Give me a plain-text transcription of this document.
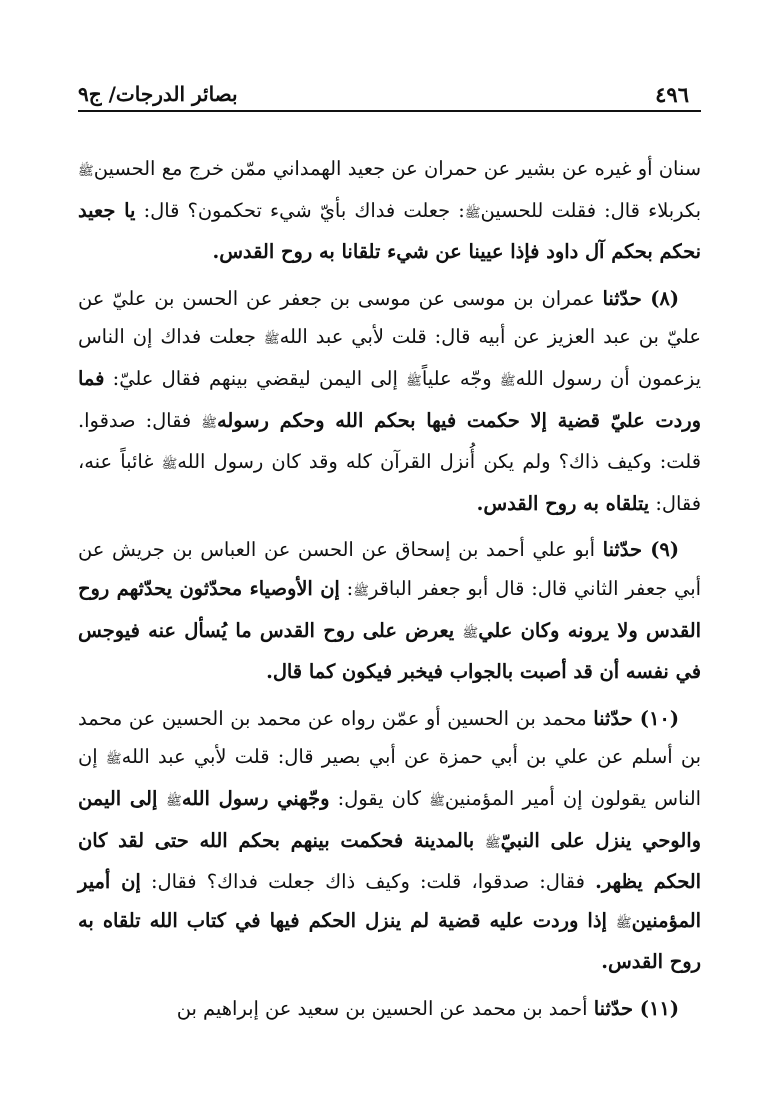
٤٩٦
بصائر الدرجات/ ج٩

سنان أو غيره عن بشير عن حمران عن جعيد الهمداني ممّن خرج مع الحسينﷺ بكربلاء قال: فقلت للحسينﷺ: جعلت فداك بأيّ شيء تحكمون؟ قال: يا جعيد نحكم بحكم آل داود فإذا عيينا عن شيء تلقانا به روح القدس.

(٨) حدّثنا عمران بن موسى عن موسى بن جعفر عن الحسن بن عليّ عن عليّ بن عبد العزيز عن أبيه قال: قلت لأبي عبد اللهﷺ جعلت فداك إن الناس يزعمون أن رسول اللهﷺ وجّه علياًﷺ إلى اليمن ليقضي بينهم فقال عليّ: فما وردت عليّ قضية إلا حكمت فيها بحكم الله وحكم رسولهﷺ فقال: صدقوا. قلت: وكيف ذاك؟ ولم يكن أُنزل القرآن كله وقد كان رسول اللهﷺ غائباً عنه، فقال: يتلقاه به روح القدس.

(٩) حدّثنا أبو علي أحمد بن إسحاق عن الحسن عن العباس بن جريش عن أبي جعفر الثاني قال: قال أبو جعفر الباقرﷺ: إن الأوصياء محدّثون يحدّثهم روح القدس ولا يرونه وكان عليﷺ يعرض على روح القدس ما يُسأل عنه فيوجس في نفسه أن قد أصبت بالجواب فيخبر فيكون كما قال.

(١٠) حدّثنا محمد بن الحسين أو عمّن رواه عن محمد بن الحسين عن محمد بن أسلم عن علي بن أبي حمزة عن أبي بصير قال: قلت لأبي عبد اللهﷺ إن الناس يقولون إن أمير المؤمنينﷺ كان يقول: وجّهني رسول اللهﷺ إلى اليمن والوحي ينزل على النبيّﷺ بالمدينة فحكمت بينهم بحكم الله حتى لقد كان الحكم يظهر. فقال: صدقوا، قلت: وكيف ذاك جعلت فداك؟ فقال: إن أمير المؤمنينﷺ إذا وردت عليه قضية لم ينزل الحكم فيها في كتاب الله تلقاه به روح القدس.

(١١) حدّثنا أحمد بن محمد عن الحسين بن سعيد عن إبراهيم بن
